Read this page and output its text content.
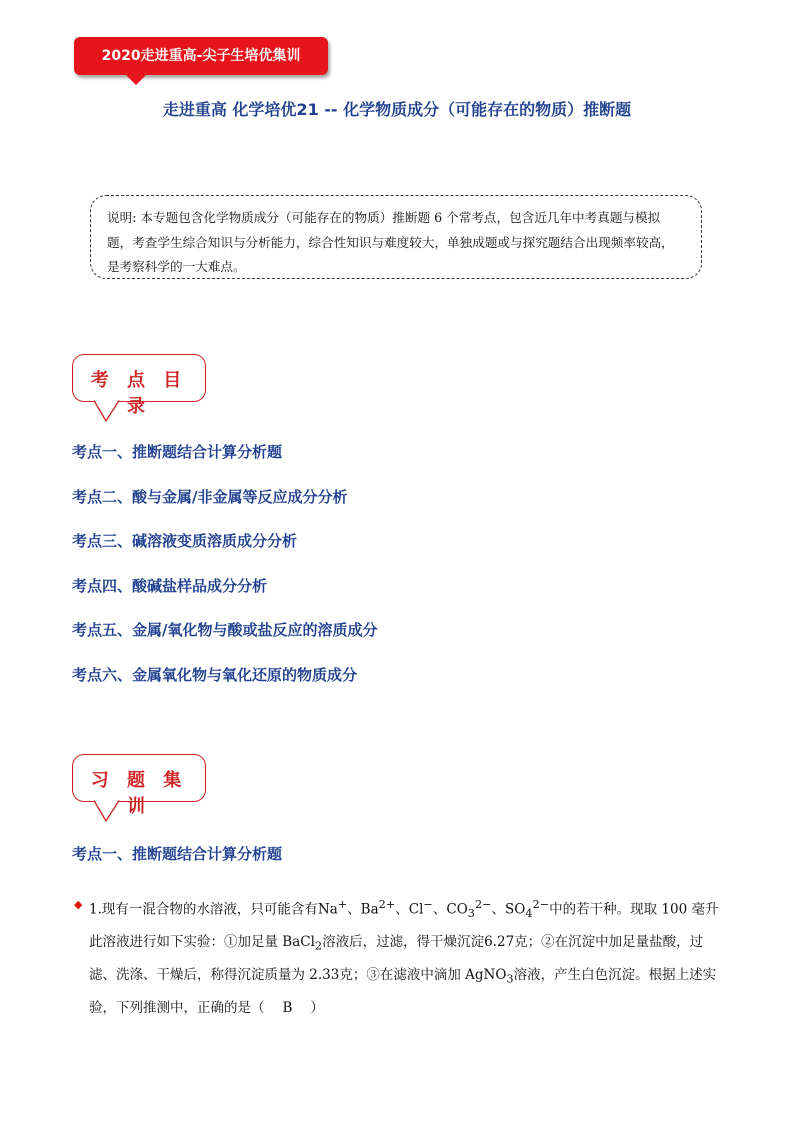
2020走进重高-尖子生培优集训
走进重高 化学培优21 -- 化学物质成分（可能存在的物质）推断题
说明: 本专题包含化学物质成分（可能存在的物质）推断题 6 个常考点，包含近几年中考真题与模拟题，考查学生综合知识与分析能力，综合性知识与难度较大，单独成题或与探究题结合出现频率较高，是考察科学的一大难点。
考 点 目 录
考点一、推断题结合计算分析题
考点二、酸与金属/非金属等反应成分分析
考点三、碱溶液变质溶质成分分析
考点四、酸碱盐样品成分分析
考点五、金属/氧化物与酸或盐反应的溶质成分
考点六、金属氧化物与氧化还原的物质成分
习 题 集 训
考点一、推断题结合计算分析题
◆ 1.现有一混合物的水溶液，只可能含有Na+、$Ba^{2+}$、Cl−、$CO_3^{2-}$、$SO_4^{2-}$中的若干种。现取 100 毫升此溶液进行如下实验：①加足量 BaCl$_2$溶液后，过滤，得干燥沉淀6.27克；②在沉淀中加足量盐酸，过滤、洗涤、干燥后，称得沉淀质量为 2.33克；③在滤液中滴加 AgNO$_3$溶液，产生白色沉淀。根据上述实验，下列推测中，正确的是（ B ）
